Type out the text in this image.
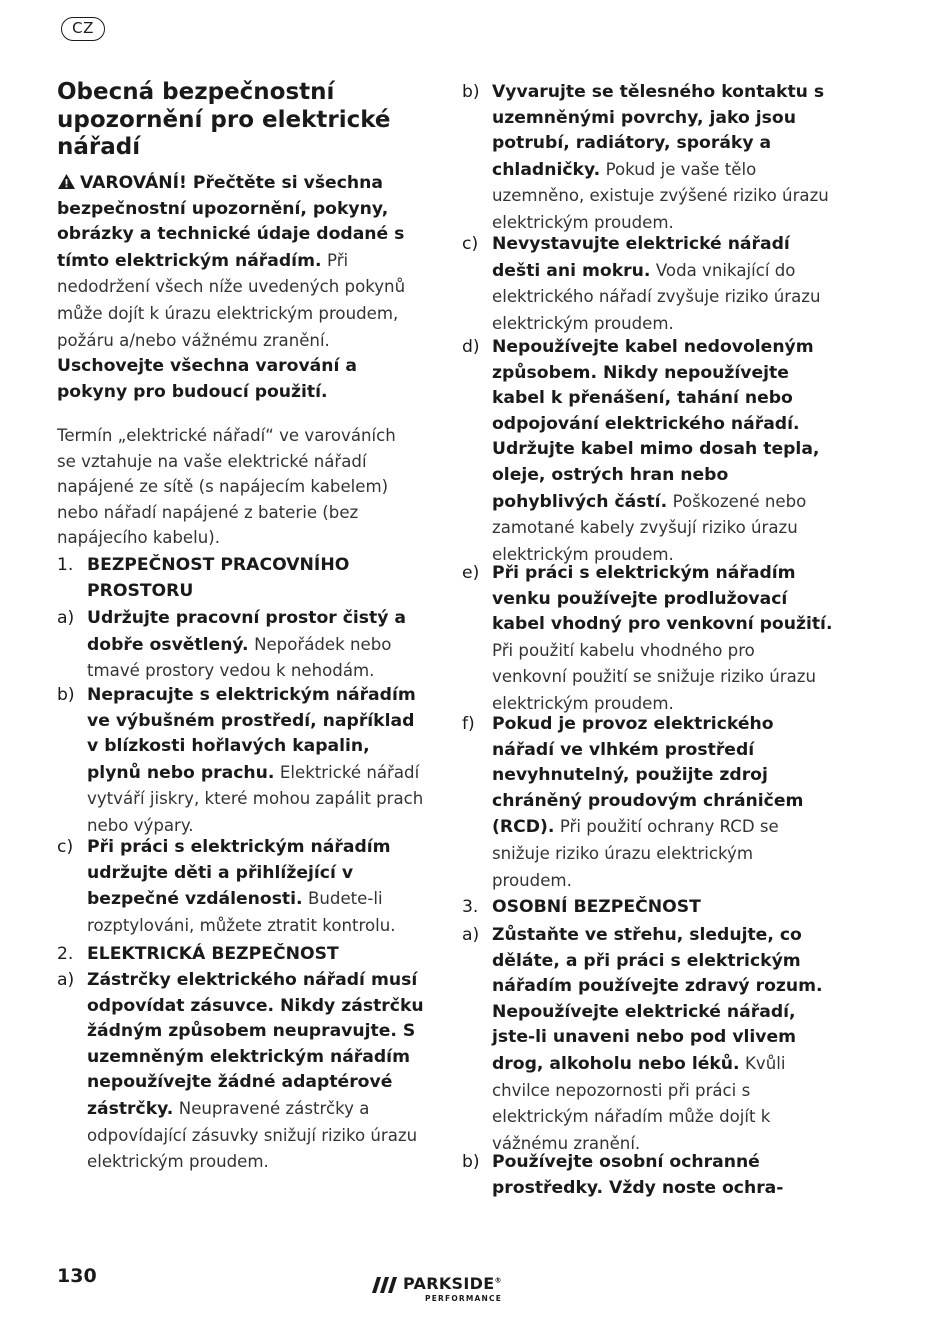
CZ
Obecná bezpečnostní upozornění pro elektrické nářadí

VAROVÁNÍ! Přečtěte si všechna bezpečnostní upozornění, pokyny, obrázky a technické údaje dodané s tímto elektrickým nářadím. Při nedodržení všech níže uvedených pokynů může dojít k úrazu elektrickým proudem, požáru a/nebo vážnému zranění. Uschovejte všechna varování a pokyny pro budoucí použití.

Termín „elektrické nářadí“ ve varováních se vztahuje na vaše elektrické nářadí napájené ze sítě (s napájecím kabelem) nebo nářadí napájené z baterie (bez napájecího kabelu).

1. BEZPEČNOST PRACOVNÍHO PROSTORU
a) Udržujte pracovní prostor čistý a dobře osvětlený. Nepořádek nebo tmavé prostory vedou k nehodám.
b) Nepracujte s elektrickým nářadím ve výbušném prostředí, například v blízkosti hořlavých kapalin, plynů nebo prachu. Elektrické nářadí vytváří jiskry, které mohou zapálit prach nebo výpary.
c) Při práci s elektrickým nářadím udržujte děti a přihlížející v bezpečné vzdálenosti. Budete-li rozptylováni, můžete ztratit kontrolu.
2. ELEKTRICKÁ BEZPEČNOST
a) Zástrčky elektrického nářadí musí odpovídat zásuvce. Nikdy zástrčku žádným způsobem neupravujte. S uzemněným elektrickým nářadím nepoužívejte žádné adaptérové zástrčky. Neupravené zástrčky a odpovídající zásuvky snižují riziko úrazu elektrickým proudem.
b) Vyvarujte se tělesného kontaktu s uzemněnými povrchy, jako jsou potrubí, radiátory, sporáky a chladničky. Pokud je vaše tělo uzemněno, existuje zvýšené riziko úrazu elektrickým proudem.
c) Nevystavujte elektrické nářadí dešti ani mokru. Voda vnikající do elektrického nářadí zvyšuje riziko úrazu elektrickým proudem.
d) Nepoužívejte kabel nedovoleným způsobem. Nikdy nepoužívejte kabel k přenášení, tahání nebo odpojování elektrického nářadí. Udržujte kabel mimo dosah tepla, oleje, ostrých hran nebo pohyblivých částí. Poškozené nebo zamotané kabely zvyšují riziko úrazu elektrickým proudem.
e) Při práci s elektrickým nářadím venku používejte prodlužovací kabel vhodný pro venkovní použití. Při použití kabelu vhodného pro venkovní použití se snižuje riziko úrazu elektrickým proudem.
f)	Pokud je provoz elektrického nářadí ve vlhkém prostředí nevyhnutelný, použijte zdroj chráněný proudovým chráničem (RCD). Při použití ochrany RCD se snižuje riziko úrazu elektrickým proudem.
3. OSOBNÍ BEZPEČNOST
a) Zůstaňte ve střehu, sledujte, co děláte, a při práci s elektrickým nářadím používejte zdravý rozum. Nepoužívejte elektrické nářadí, jste-li unaveni nebo pod vlivem drog, alkoholu nebo léků. Kvůli chvilce nepozornosti při práci s elektrickým nářadím může dojít k vážnému zranění.
b) Používejte osobní ochranné prostředky. Vždy noste ochra-
130	PARKSIDE®
PERFORMANCE
